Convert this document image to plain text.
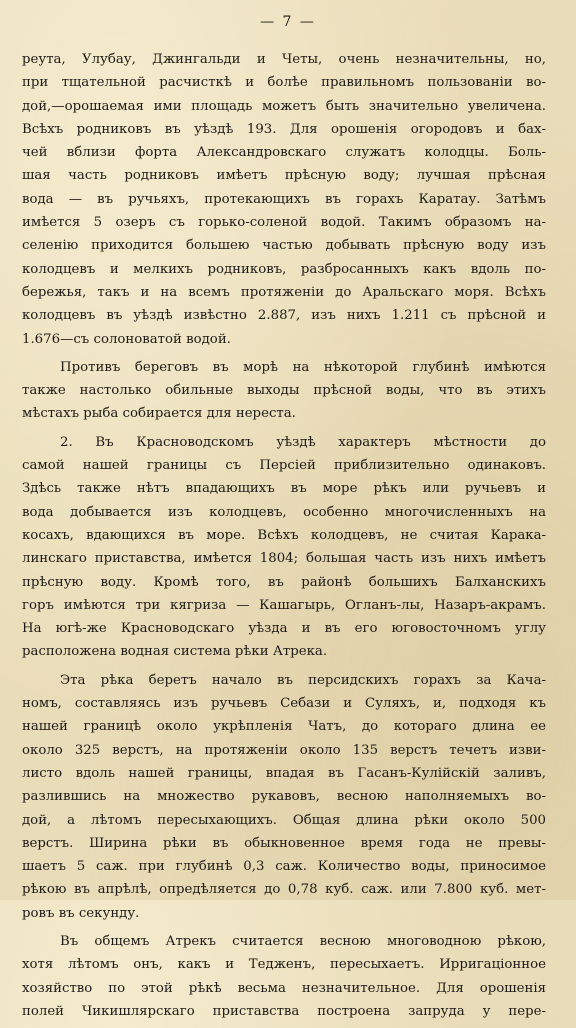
— 7 —
реута, Улубау, Джингальди и Четы, очень незначительны, но,
при тщательной расчисткѣ и болѣе правильномъ пользованіи во-
дой,—орошаемая ими площадь можетъ быть значительно увеличена.
Всѣхъ родниковъ въ уѣздѣ 193. Для орошенія огородовъ и бах-
чей вблизи форта Александровскаго служатъ колодцы. Боль-
шая часть родниковъ имѣетъ прѣсную воду; лучшая прѣсная
вода — въ ручьяхъ, протекающихъ въ горахъ Каратау. Затѣмъ
имѣется 5 озеръ съ горько-соленой водой. Такимъ образомъ на-
селенію приходится большею частью добывать прѣсную воду изъ
колодцевъ и мелкихъ родниковъ, разбросанныхъ какъ вдоль по-
бережья, такъ и на всемъ протяженіи до Аральскаго моря. Всѣхъ
колодцевъ въ уѣздѣ извѣстно 2.887, изъ нихъ 1.211 съ прѣсной и
1.676—съ солоноватой водой.
Противъ береговъ въ морѣ на нѣкоторой глубинѣ имѣются
также настолько обильные выходы прѣсной воды, что въ этихъ
мѣстахъ рыба собирается для нереста.
2. Въ Красноводскомъ уѣздѣ характеръ мѣстности до
самой нашей границы съ Персіей приблизительно одинаковъ.
Здѣсь также нѣтъ впадающихъ въ море рѣкъ или ручьевъ и
вода добывается изъ колодцевъ, особенно многочисленныхъ на
косахъ, вдающихся въ море. Всѣхъ колодцевъ, не считая Карака-
линскаго приставства, имѣется 1804; большая часть изъ нихъ имѣетъ
прѣсную воду. Кромѣ того, въ районѣ большихъ Балханскихъ
горъ имѣются три кягриза — Кашагырь, Огланъ-лы, Назаръ-акрамъ.
На югѣ-же Красноводскаго уѣзда и въ его юговосточномъ углу
расположена водная система рѣки Атрека.
Эта рѣка беретъ начало въ персидскихъ горахъ за Кача-
номъ, составляясь изъ ручьевъ Себази и Суляхъ, и, подходя къ
нашей границѣ около укрѣпленія Чатъ, до котораго длина ее
около 325 верстъ, на протяженіи около 135 верстъ течетъ изви-
листо вдоль нашей границы, впадая въ Гасанъ-Кулійскій заливъ,
разлившись на множество рукавовъ, весною наполняемыхъ во-
дой, а лѣтомъ пересыхающихъ. Общая длина рѣки около 500
верстъ. Ширина рѣки въ обыкновенное время года не превы-
шаетъ 5 саж. при глубинѣ 0,3 саж. Количество воды, приносимое
рѣкою въ апрѣлѣ, опредѣляется до 0,78 куб. саж. или 7.800 куб. мет-
ровъ въ секунду.
Въ общемъ Атрекъ считается весною многоводною рѣкою,
хотя лѣтомъ онъ, какъ и Тедженъ, пересыхаетъ. Ирригаціонное
хозяйство по этой рѣкѣ весьма незначительное. Для орошенія
полей Чикишлярскаго приставства построена запруда у пере-
